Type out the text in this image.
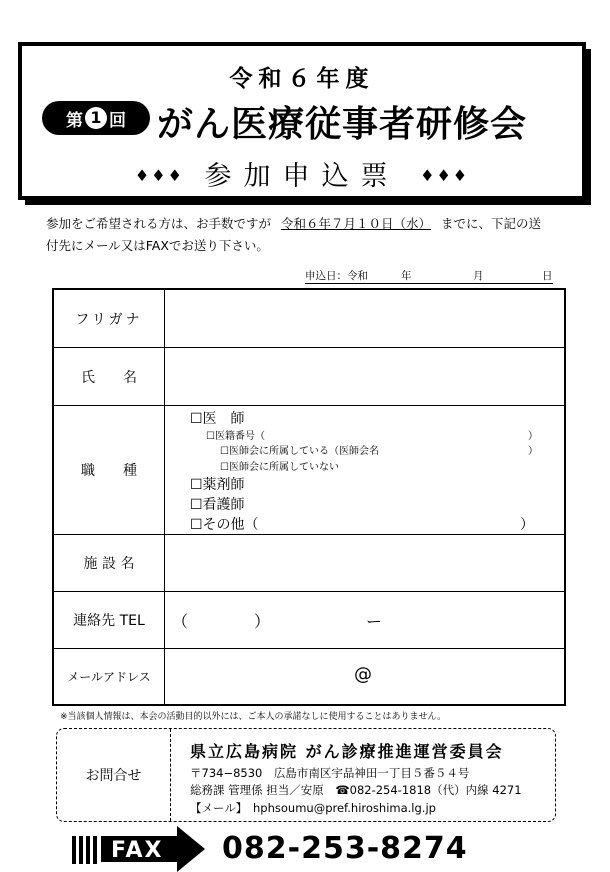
令和６年度
第 1 回 がん医療従事者研修会
♦♦♦ 参加申込票 ♦♦♦
参加をご希望される方は、お手数ですが 令和６年７月１０日（水） までに、下記の送
付先にメール又はFAXでお送り下さい。
申込日：令和	年	月	日
フリガナ
氏　　名
職　　種
☐医　師
☐医籍番号（	）
☐医師会に所属している（医師会名	）
☐医師会に所属していない
☐薬剤師
☐看護師
☐その他（	）
施 設 名
連絡先 TEL	（	）	ー
メールアドレス	@
※当該個人情報は、本会の活動目的以外には、ご本人の承諾なしに使用することはありません。
お問合せ
県立広島病院 がん診療推進運営委員会
〒734−8530　広島市南区宇品神田一丁目５番５４号
総務課 管理係 担当／安原　☎082-254-1818（代）内線 4271
【メール】　hphsoumu@pref.hiroshima.lg.jp
FAX 082-253-8274
